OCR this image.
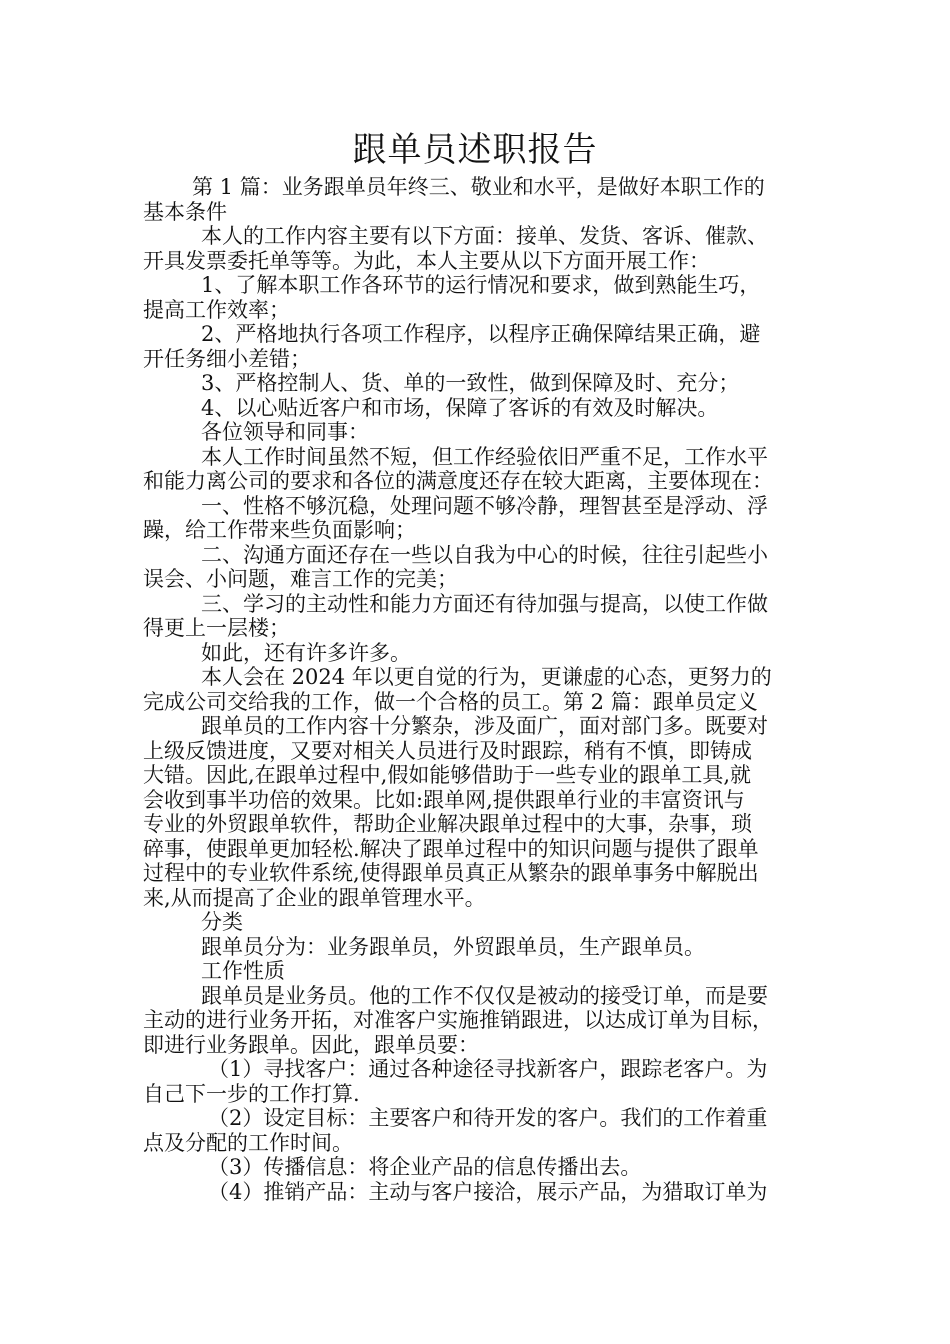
跟单员述职报告
第 1 篇：业务跟单员年终三、敬业和水平，是做好本职工作的
基本条件
本人的工作内容主要有以下方面：接单、发货、客诉、催款、
开具发票委托单等等。为此，本人主要从以下方面开展工作：
1、了解本职工作各环节的运行情况和要求，做到熟能生巧，
提高工作效率；
2、严格地执行各项工作程序，以程序正确保障结果正确，避
开任务细小差错；
3、严格控制人、货、单的一致性，做到保障及时、充分；
4、以心贴近客户和市场，保障了客诉的有效及时解决。
各位领导和同事：
本人工作时间虽然不短，但工作经验依旧严重不足，工作水平
和能力离公司的要求和各位的满意度还存在较大距离，主要体现在：
一、性格不够沉稳，处理问题不够冷静，理智甚至是浮动、浮
躁，给工作带来些负面影响；
二、沟通方面还存在一些以自我为中心的时候，往往引起些小
误会、小问题，难言工作的完美；
三、学习的主动性和能力方面还有待加强与提高，以使工作做
得更上一层楼；
如此，还有许多许多。
本人会在 2024 年以更自觉的行为，更谦虚的心态，更努力的
完成公司交给我的工作，做一个合格的员工。第 2 篇：跟单员定义
跟单员的工作内容十分繁杂，涉及面广，面对部门多。既要对
上级反馈进度，又要对相关人员进行及时跟踪，稍有不慎，即铸成
大错。因此,在跟单过程中,假如能够借助于一些专业的跟单工具,就
会收到事半功倍的效果。比如:跟单网,提供跟单行业的丰富资讯与
专业的外贸跟单软件，帮助企业解决跟单过程中的大事，杂事，琐
碎事，使跟单更加轻松.解决了跟单过程中的知识问题与提供了跟单
过程中的专业软件系统,使得跟单员真正从繁杂的跟单事务中解脱出
来,从而提高了企业的跟单管理水平。
分类
跟单员分为：业务跟单员，外贸跟单员，生产跟单员。
工作性质
跟单员是业务员。他的工作不仅仅是被动的接受订单，而是要
主动的进行业务开拓，对准客户实施推销跟进，以达成订单为目标，
即进行业务跟单。因此，跟单员要：
（1）寻找客户：通过各种途径寻找新客户，跟踪老客户。为
自己下一步的工作打算.
（2）设定目标：主要客户和待开发的客户。我们的工作着重
点及分配的工作时间。
（3）传播信息：将企业产品的信息传播出去。
（4）推销产品：主动与客户接洽，展示产品，为猎取订单为
